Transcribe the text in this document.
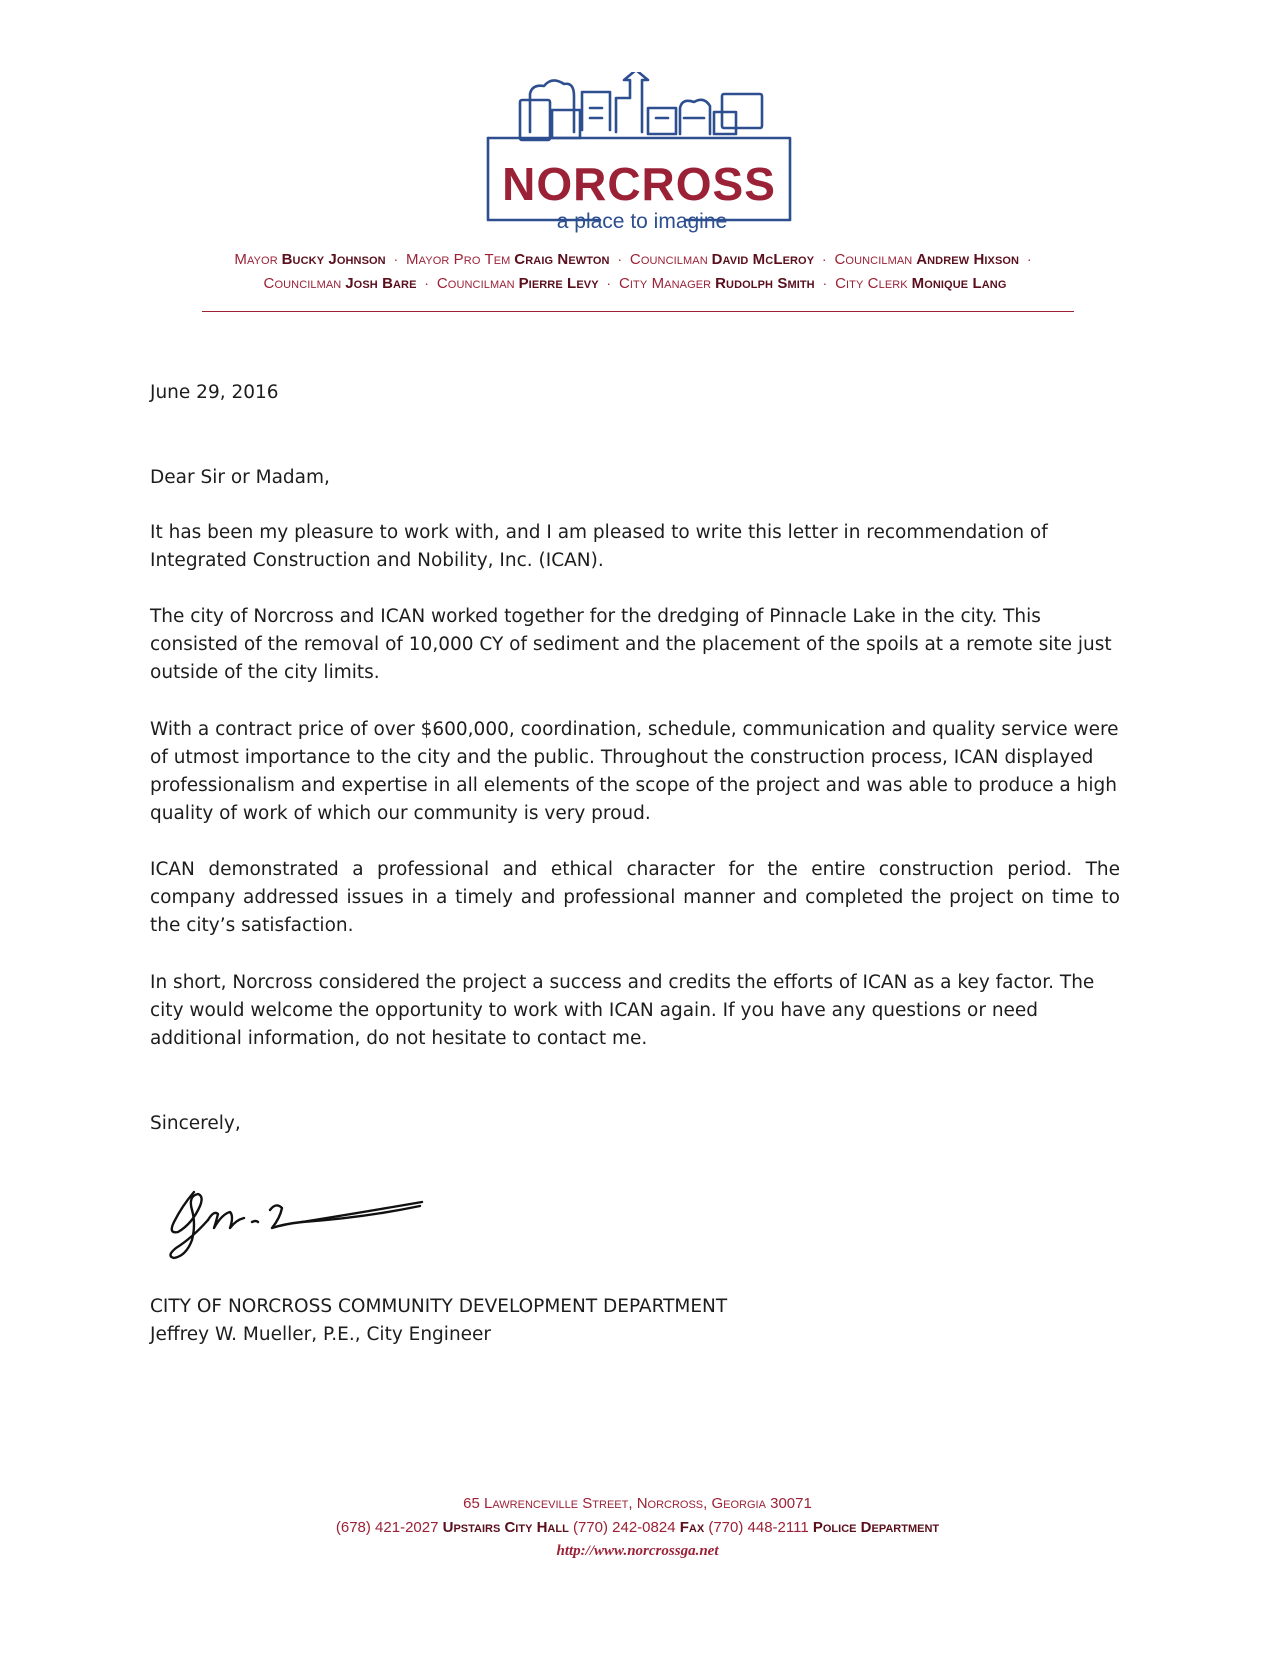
NORCROSS
a place to imagine
Mayor Bucky Johnson · Mayor Pro Tem Craig Newton · Councilman David McLeroy · Councilman Andrew Hixson ·
Councilman Josh Bare · Councilman Pierre Levy · City Manager Rudolph Smith · City Clerk Monique Lang
June 29, 2016
Dear Sir or Madam,
It has been my pleasure to work with, and I am pleased to write this letter in recommendation of Integrated Construction and Nobility, Inc. (ICAN).
The city of Norcross and ICAN worked together for the dredging of Pinnacle Lake in the city. This consisted of the removal of 10,000 CY of sediment and the placement of the spoils at a remote site just outside of the city limits.
With a contract price of over $600,000, coordination, schedule, communication and quality service were of utmost importance to the city and the public. Throughout the construction process, ICAN displayed professionalism and expertise in all elements of the scope of the project and was able to produce a high quality of work of which our community is very proud.
ICAN demonstrated a professional and ethical character for the entire construction period. The company addressed issues in a timely and professional manner and completed the project on time to the city’s satisfaction.
In short, Norcross considered the project a success and credits the efforts of ICAN as a key factor. The city would welcome the opportunity to work with ICAN again. If you have any questions or need additional information, do not hesitate to contact me.
Sincerely,
CITY OF NORCROSS COMMUNITY DEVELOPMENT DEPARTMENT
Jeffrey W. Mueller, P.E., City Engineer
65 Lawrenceville Street, Norcross, Georgia 30071
(678) 421-2027 Upstairs City Hall (770) 242-0824 Fax (770) 448-2111 Police Department
http://www.norcrossga.net
